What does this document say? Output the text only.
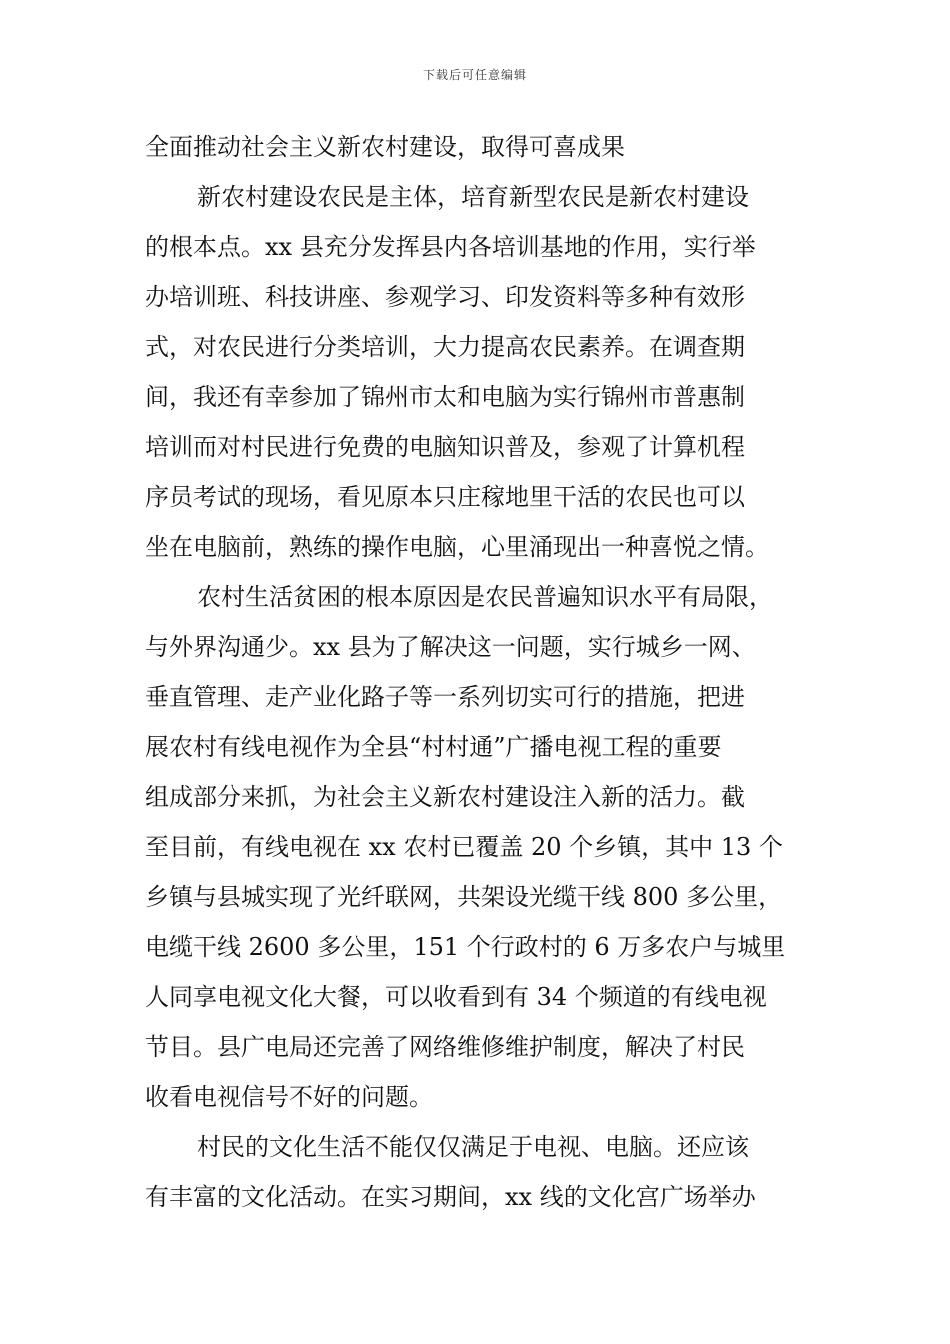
下载后可任意编辑
全面推动社会主义新农村建设，取得可喜成果
新农村建设农民是主体，培育新型农民是新农村建设
的根本点。xx 县充分发挥县内各培训基地的作用，实行举
办培训班、科技讲座、参观学习、印发资料等多种有效形
式，对农民进行分类培训，大力提高农民素养。在调查期
间，我还有幸参加了锦州市太和电脑为实行锦州市普惠制
培训而对村民进行免费的电脑知识普及，参观了计算机程
序员考试的现场，看见原本只庄稼地里干活的农民也可以
坐在电脑前，熟练的操作电脑，心里涌现出一种喜悦之情。
农村生活贫困的根本原因是农民普遍知识水平有局限，
与外界沟通少。xx 县为了解决这一问题，实行城乡一网、
垂直管理、走产业化路子等一系列切实可行的措施，把进
展农村有线电视作为全县“村村通”广播电视工程的重要
组成部分来抓，为社会主义新农村建设注入新的活力。截
至目前，有线电视在 xx 农村已覆盖 20 个乡镇，其中 13 个
乡镇与县城实现了光纤联网，共架设光缆干线 800 多公里，
电缆干线 2600 多公里，151 个行政村的 6 万多农户与城里
人同享电视文化大餐，可以收看到有 34 个频道的有线电视
节目。县广电局还完善了网络维修维护制度，解决了村民
收看电视信号不好的问题。
村民的文化生活不能仅仅满足于电视、电脑。还应该
有丰富的文化活动。在实习期间，xx 线的文化宫广场举办
